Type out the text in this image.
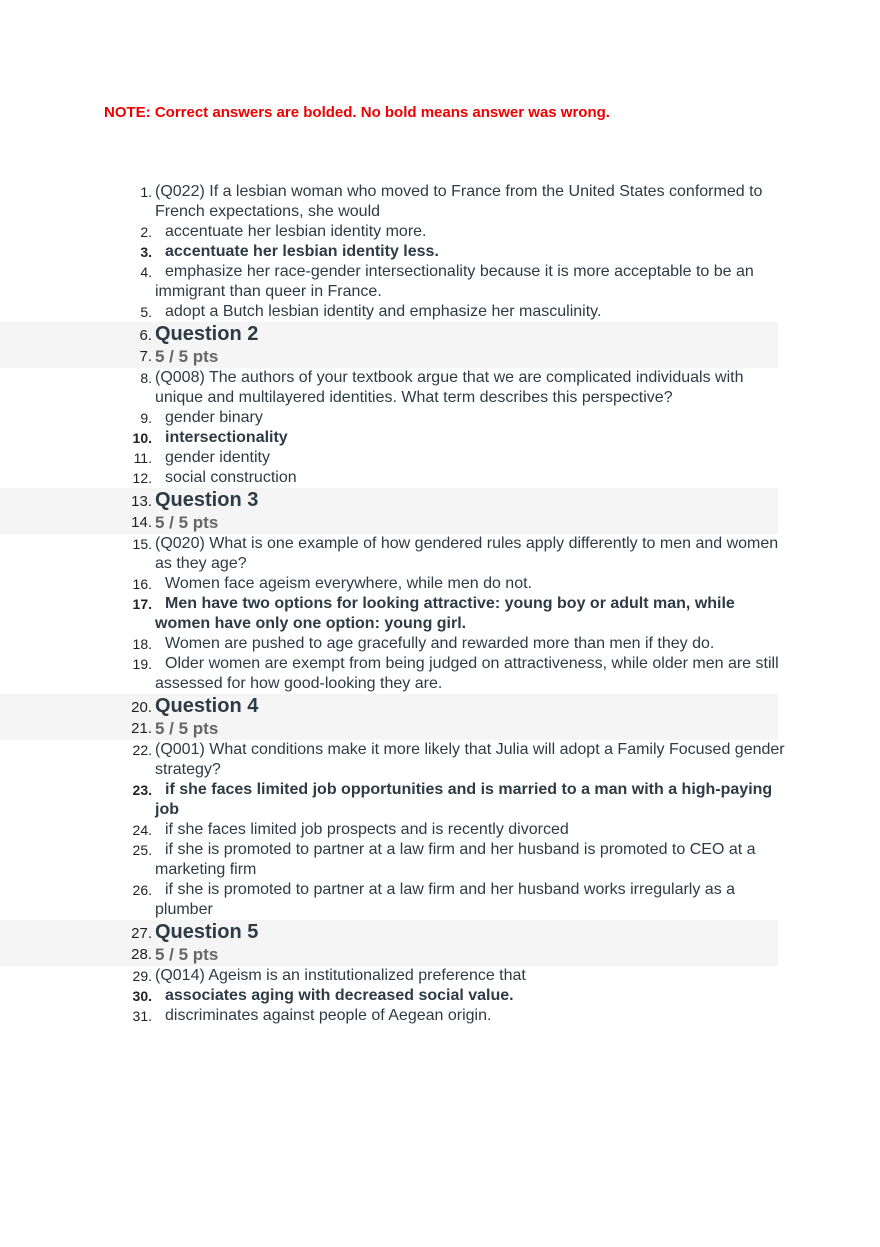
NOTE: Correct answers are bolded. No bold means answer was wrong.

1. (Q022) If a lesbian woman who moved to France from the United States conformed to French expectations, she would
2. accentuate her lesbian identity more.
3. accentuate her lesbian identity less.
4. emphasize her race-gender intersectionality because it is more acceptable to be an immigrant than queer in France.
5. adopt a Butch lesbian identity and emphasize her masculinity.
6. Question 2
7. 5 / 5 pts
8. (Q008) The authors of your textbook argue that we are complicated individuals with unique and multilayered identities. What term describes this perspective?
9. gender binary
10. intersectionality
11. gender identity
12. social construction
13. Question 3
14. 5 / 5 pts
15. (Q020) What is one example of how gendered rules apply differently to men and women as they age?
16. Women face ageism everywhere, while men do not.
17. Men have two options for looking attractive: young boy or adult man, while women have only one option: young girl.
18. Women are pushed to age gracefully and rewarded more than men if they do.
19. Older women are exempt from being judged on attractiveness, while older men are still assessed for how good-looking they are.
20. Question 4
21. 5 / 5 pts
22. (Q001) What conditions make it more likely that Julia will adopt a Family Focused gender strategy?
23. if she faces limited job opportunities and is married to a man with a high-paying job
24. if she faces limited job prospects and is recently divorced
25. if she is promoted to partner at a law firm and her husband is promoted to CEO at a marketing firm
26. if she is promoted to partner at a law firm and her husband works irregularly as a plumber
27. Question 5
28. 5 / 5 pts
29. (Q014) Ageism is an institutionalized preference that
30. associates aging with decreased social value.
31. discriminates against people of Aegean origin.
